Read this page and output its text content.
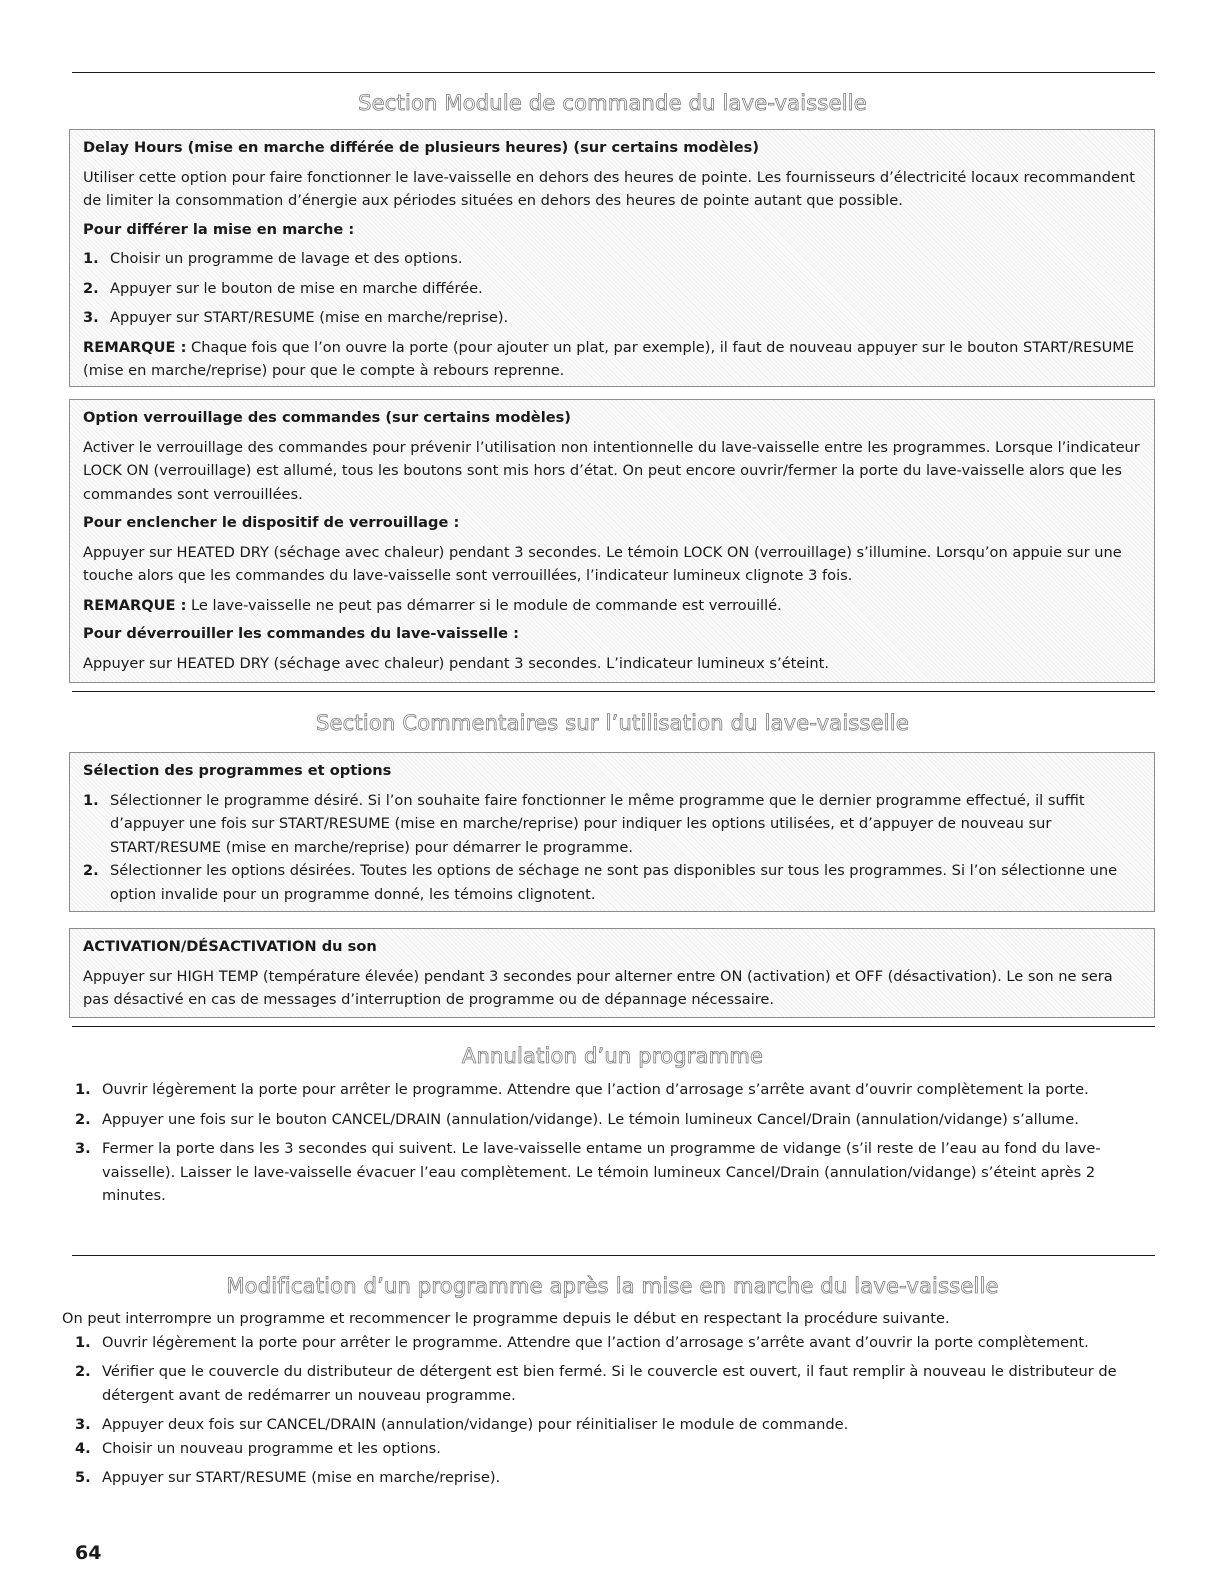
Section Module de commande du lave-vaisselle

Delay Hours (mise en marche différée de plusieurs heures) (sur certains modèles)

Utiliser cette option pour faire fonctionner le lave-vaisselle en dehors des heures de pointe. Les fournisseurs d’électricité locaux recommandent de limiter la consommation d’énergie aux périodes situées en dehors des heures de pointe autant que possible.

Pour différer la mise en marche :

1. Choisir un programme de lavage et des options.
2. Appuyer sur le bouton de mise en marche différée.
3. Appuyer sur START/RESUME (mise en marche/reprise).

REMARQUE : Chaque fois que l’on ouvre la porte (pour ajouter un plat, par exemple), il faut de nouveau appuyer sur le bouton START/RESUME (mise en marche/reprise) pour que le compte à rebours reprenne.

Option verrouillage des commandes (sur certains modèles)

Activer le verrouillage des commandes pour prévenir l’utilisation non intentionnelle du lave-vaisselle entre les programmes. Lorsque l’indicateur LOCK ON (verrouillage) est allumé, tous les boutons sont mis hors d’état. On peut encore ouvrir/fermer la porte du lave-vaisselle alors que les commandes sont verrouillées.

Pour enclencher le dispositif de verrouillage :

Appuyer sur HEATED DRY (séchage avec chaleur) pendant 3 secondes. Le témoin LOCK ON (verrouillage) s’illumine. Lorsqu’on appuie sur une touche alors que les commandes du lave-vaisselle sont verrouillées, l’indicateur lumineux clignote 3 fois.

REMARQUE : Le lave-vaisselle ne peut pas démarrer si le module de commande est verrouillé.

Pour déverrouiller les commandes du lave-vaisselle :

Appuyer sur HEATED DRY (séchage avec chaleur) pendant 3 secondes. L’indicateur lumineux s’éteint.

Section Commentaires sur l’utilisation du lave-vaisselle

Sélection des programmes et options

1. Sélectionner le programme désiré. Si l’on souhaite faire fonctionner le même programme que le dernier programme effectué, il suffit d’appuyer une fois sur START/RESUME (mise en marche/reprise) pour indiquer les options utilisées, et d’appuyer de nouveau sur START/RESUME (mise en marche/reprise) pour démarrer le programme.
2. Sélectionner les options désirées. Toutes les options de séchage ne sont pas disponibles sur tous les programmes. Si l’on sélectionne une option invalide pour un programme donné, les témoins clignotent.

ACTIVATION/DÉSACTIVATION du son

Appuyer sur HIGH TEMP (température élevée) pendant 3 secondes pour alterner entre ON (activation) et OFF (désactivation). Le son ne sera pas désactivé en cas de messages d’interruption de programme ou de dépannage nécessaire.

Annulation d’un programme
1. Ouvrir légèrement la porte pour arrêter le programme. Attendre que l’action d’arrosage s’arrête avant d’ouvrir complètement la porte.
2. Appuyer une fois sur le bouton CANCEL/DRAIN (annulation/vidange). Le témoin lumineux Cancel/Drain (annulation/vidange) s’allume.
3. Fermer la porte dans les 3 secondes qui suivent. Le lave-vaisselle entame un programme de vidange (s’il reste de l’eau au fond du lave-vaisselle). Laisser le lave-vaisselle évacuer l’eau complètement. Le témoin lumineux Cancel/Drain (annulation/vidange) s’éteint après 2 minutes.
Modification d’un programme après la mise en marche du lave-vaisselle

On peut interrompre un programme et recommencer le programme depuis le début en respectant la procédure suivante.

1. Ouvrir légèrement la porte pour arrêter le programme. Attendre que l’action d’arrosage s’arrête avant d’ouvrir la porte complètement.
2. Vérifier que le couvercle du distributeur de détergent est bien fermé. Si le couvercle est ouvert, il faut remplir à nouveau le distributeur de détergent avant de redémarrer un nouveau programme.
3. Appuyer deux fois sur CANCEL/DRAIN (annulation/vidange) pour réinitialiser le module de commande.
4. Choisir un nouveau programme et les options.
5. Appuyer sur START/RESUME (mise en marche/reprise).
64
